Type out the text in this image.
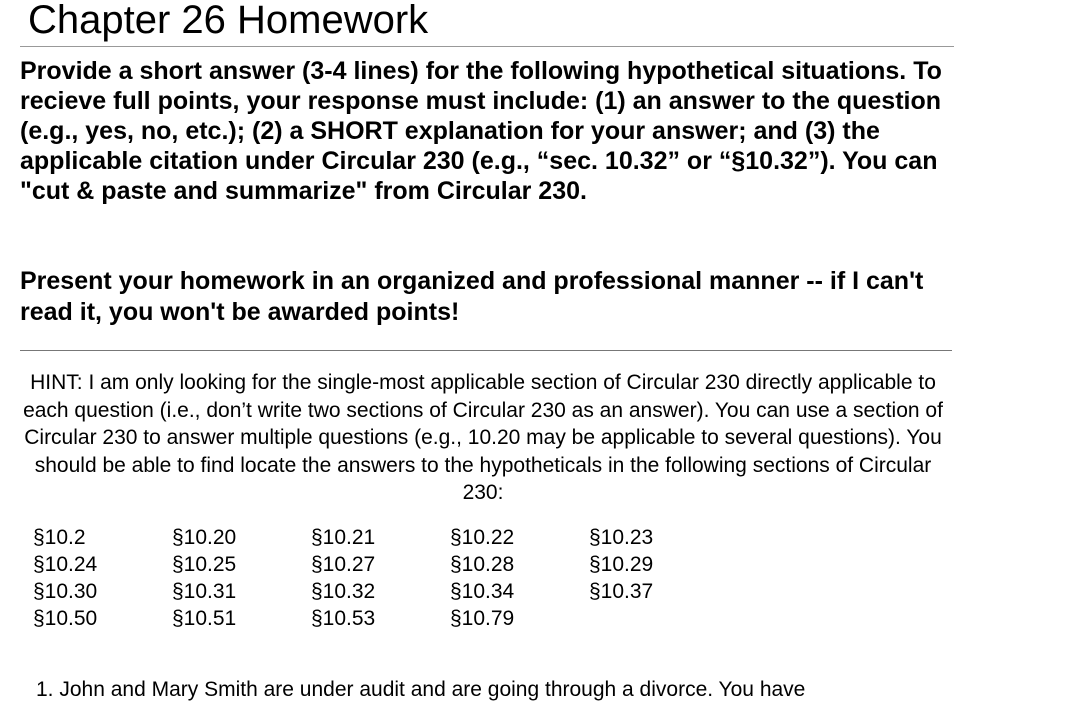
Chapter 26 Homework

Provide a short answer (3-4 lines) for the following hypothetical situations. To recieve full points, your response must include: (1) an answer to the question (e.g., yes, no, etc.); (2) a SHORT explanation for your answer; and (3) the applicable citation under Circular 230 (e.g., “sec. 10.32” or “§10.32”). You can "cut & paste and summarize" from Circular 230.

Present your homework in an organized and professional manner -- if I can't read it, you won't be awarded points!

HINT: I am only looking for the single-most applicable section of Circular 230 directly applicable to each question (i.e., don’t write two sections of Circular 230 as an answer). You can use a section of Circular 230 to answer multiple questions (e.g., 10.20 may be applicable to several questions). You should be able to find locate the answers to the hypotheticals in the following sections of Circular 230:

§10.2	§10.20	§10.21	§10.22	§10.23
§10.24	§10.25	§10.27	§10.28	§10.29
§10.30	§10.31	§10.32	§10.34	§10.37
§10.50	§10.51	§10.53	§10.79
1. John and Mary Smith are under audit and are going through a divorce. You have
